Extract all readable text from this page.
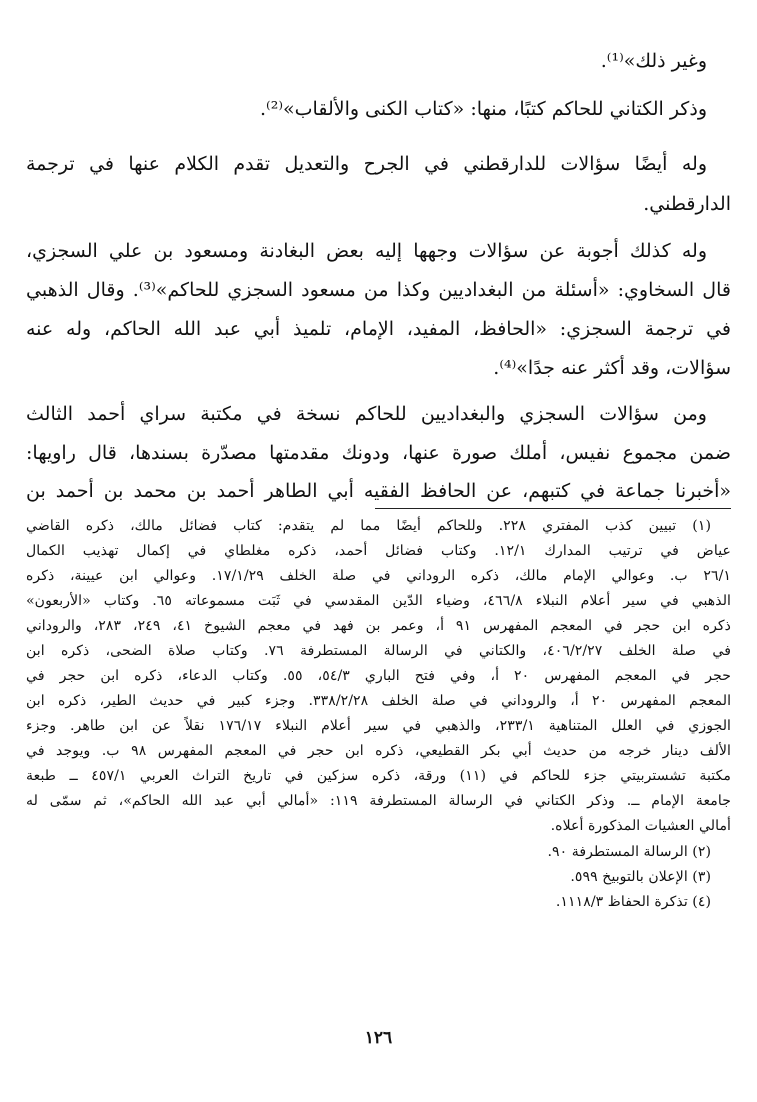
وغير ذلك»⁽¹⁾.
وذكر الكتاني للحاكم كتبًا، منها: «كتاب الكنى والألقاب»⁽²⁾.
وله أيضًا سؤالات للدارقطني في الجرح والتعديل تقدم الكلام عنها في ترجمة
الدارقطني.
وله كذلك أجوبة عن سؤالات وجهها إليه بعض البغادنة ومسعود بن علي السجزي،
قال السخاوي: «أسئلة من البغداديين وكذا من مسعود السجزي للحاكم»⁽³⁾. وقال الذهبي
في ترجمة السجزي: «الحافظ، المفيد، الإمام، تلميذ أبي عبد الله الحاكم، وله عنه
سؤالات، وقد أكثر عنه جدًا»⁽⁴⁾.
ومن سؤالات السجزي والبغداديين للحاكم نسخة في مكتبة سراي أحمد الثالث
ضمن مجموع نفيس، أملك صورة عنها، ودونك مقدمتها مصدّرة بسندها، قال راويها:
«أخبرنا جماعة في كتبهم، عن الحافظ الفقيه أبي الطاهر أحمد بن محمد بن أحمد بن
(١) تبيين كذب المفتري ٢٢٨. وللحاكم أيضًا مما لم يتقدم: كتاب فضائل مالك، ذكره القاضي
عياض في ترتيب المدارك ١٢/١. وكتاب فضائل أحمد، ذكره مغلطاي في إكمال تهذيب الكمال
٢٦/١ ب. وعوالي الإمام مالك، ذكره الروداني في صلة الخلف ١٧/١/٢٩. وعوالي ابن عيينة، ذكره
الذهبي في سير أعلام النبلاء ٤٦٦/٨، وضياء الدّين المقدسي في ثَبَت مسموعاته ٦٥. وكتاب «الأربعون»
ذكره ابن حجر في المعجم المفهرس ٩١ أ، وعمر بن فهد في معجم الشيوخ ٤١، ٢٤٩، ٢٨٣، والروداني
في صلة الخلف ٤٠٦/٢/٢٧، والكتاني في الرسالة المستطرفة ٧٦. وكتاب صلاة الضحى، ذكره ابن
حجر في المعجم المفهرس ٢٠ أ، وفي فتح الباري ٥٤/٣، ٥٥. وكتاب الدعاء، ذكره ابن حجر في
المعجم المفهرس ٢٠ أ، والروداني في صلة الخلف ٣٣٨/٢/٢٨. وجزء كبير في حديث الطير، ذكره ابن
الجوزي في العلل المتناهية ٢٣٣/١، والذهبي في سير أعلام النبلاء ١٧٦/١٧ نقلاً عن ابن طاهر. وجزء
الألف دينار خرجه من حديث أبي بكر القطيعي، ذكره ابن حجر في المعجم المفهرس ٩٨ ب. ويوجد في
مكتبة تشستربيتي جزء للحاكم في (١١) ورقة، ذكره سزكين في تاريخ التراث العربي ٤٥٧/١ ــ طبعة
جامعة الإمام ــ. وذكر الكتاني في الرسالة المستطرفة ١١٩: «أمالي أبي عبد الله الحاكم»، ثم سمّى له
أمالي العشيات المذكورة أعلاه.
(٢) الرسالة المستطرفة ٩٠.
(٣) الإعلان بالتوبيخ ٥٩٩.
(٤) تذكرة الحفاظ ١١١٨/٣.
١٢٦
